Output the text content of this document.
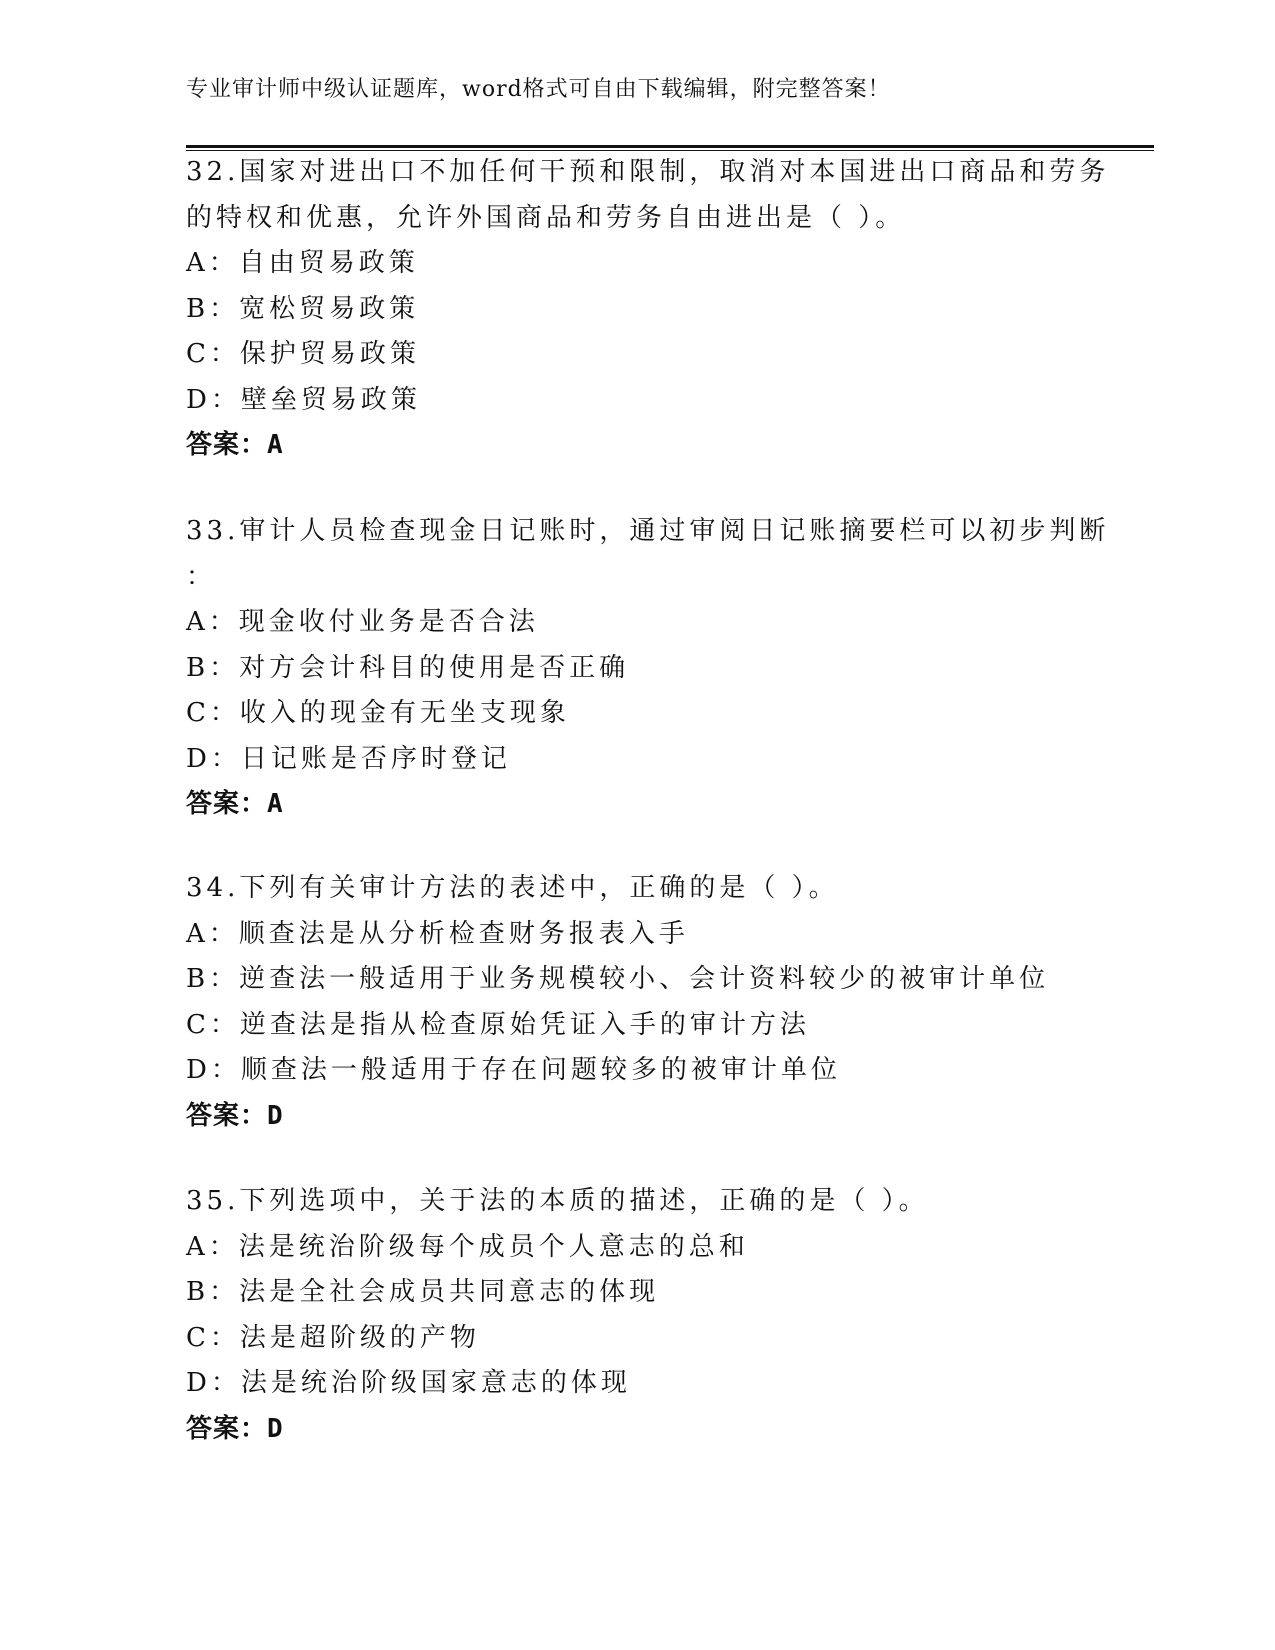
专业审计师中级认证题库，word格式可自由下载编辑，附完整答案！
32.国家对进出口不加任何干预和限制，取消对本国进出口商品和劳务
的特权和优惠，允许外国商品和劳务自由进出是（ ）。
A：自由贸易政策
B：宽松贸易政策
C：保护贸易政策
D：壁垒贸易政策
答案：A
33.审计人员检查现金日记账时，通过审阅日记账摘要栏可以初步判断
：
A：现金收付业务是否合法
B：对方会计科目的使用是否正确
C：收入的现金有无坐支现象
D：日记账是否序时登记
答案：A
34.下列有关审计方法的表述中，正确的是（ ）。
A：顺查法是从分析检查财务报表入手
B：逆查法一般适用于业务规模较小、会计资料较少的被审计单位
C：逆查法是指从检查原始凭证入手的审计方法
D：顺查法一般适用于存在问题较多的被审计单位
答案：D
35.下列选项中，关于法的本质的描述，正确的是（ ）。
A：法是统治阶级每个成员个人意志的总和
B：法是全社会成员共同意志的体现
C：法是超阶级的产物
D：法是统治阶级国家意志的体现
答案：D
